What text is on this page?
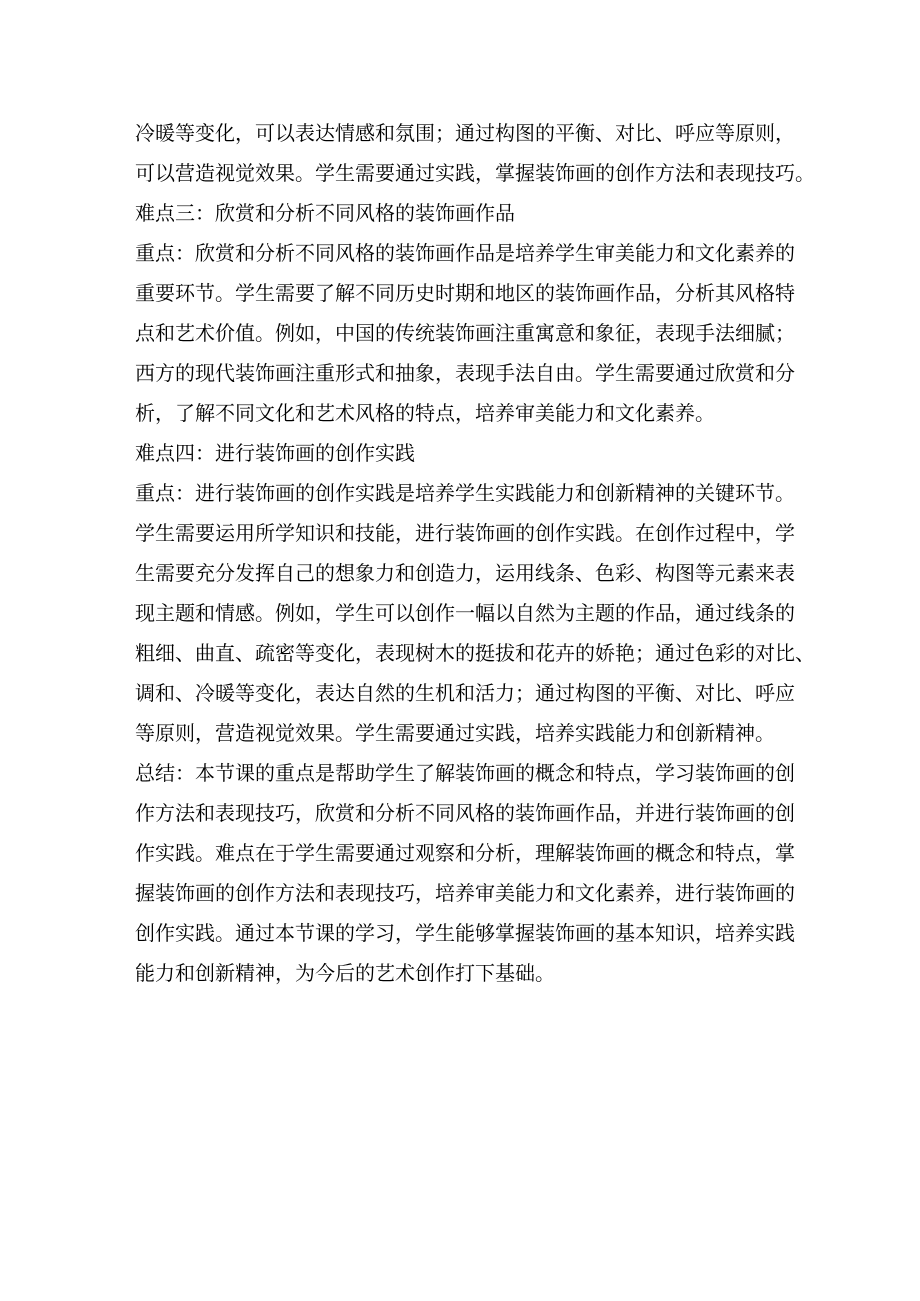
冷暖等变化，可以表达情感和氛围；通过构图的平衡、对比、呼应等原则，

可以营造视觉效果。学生需要通过实践，掌握装饰画的创作方法和表现技巧。

难点三：欣赏和分析不同风格的装饰画作品

重点：欣赏和分析不同风格的装饰画作品是培养学生审美能力和文化素养的

重要环节。学生需要了解不同历史时期和地区的装饰画作品，分析其风格特

点和艺术价值。例如，中国的传统装饰画注重寓意和象征，表现手法细腻；

西方的现代装饰画注重形式和抽象，表现手法自由。学生需要通过欣赏和分

析，了解不同文化和艺术风格的特点，培养审美能力和文化素养。

难点四：进行装饰画的创作实践

重点：进行装饰画的创作实践是培养学生实践能力和创新精神的关键环节。

学生需要运用所学知识和技能，进行装饰画的创作实践。在创作过程中，学

生需要充分发挥自己的想象力和创造力，运用线条、色彩、构图等元素来表

现主题和情感。例如，学生可以创作一幅以自然为主题的作品，通过线条的

粗细、曲直、疏密等变化，表现树木的挺拔和花卉的娇艳；通过色彩的对比、

调和、冷暖等变化，表达自然的生机和活力；通过构图的平衡、对比、呼应

等原则，营造视觉效果。学生需要通过实践，培养实践能力和创新精神。

总结：本节课的重点是帮助学生了解装饰画的概念和特点，学习装饰画的创

作方法和表现技巧，欣赏和分析不同风格的装饰画作品，并进行装饰画的创

作实践。难点在于学生需要通过观察和分析，理解装饰画的概念和特点，掌

握装饰画的创作方法和表现技巧，培养审美能力和文化素养，进行装饰画的

创作实践。通过本节课的学习，学生能够掌握装饰画的基本知识，培养实践

能力和创新精神，为今后的艺术创作打下基础。
